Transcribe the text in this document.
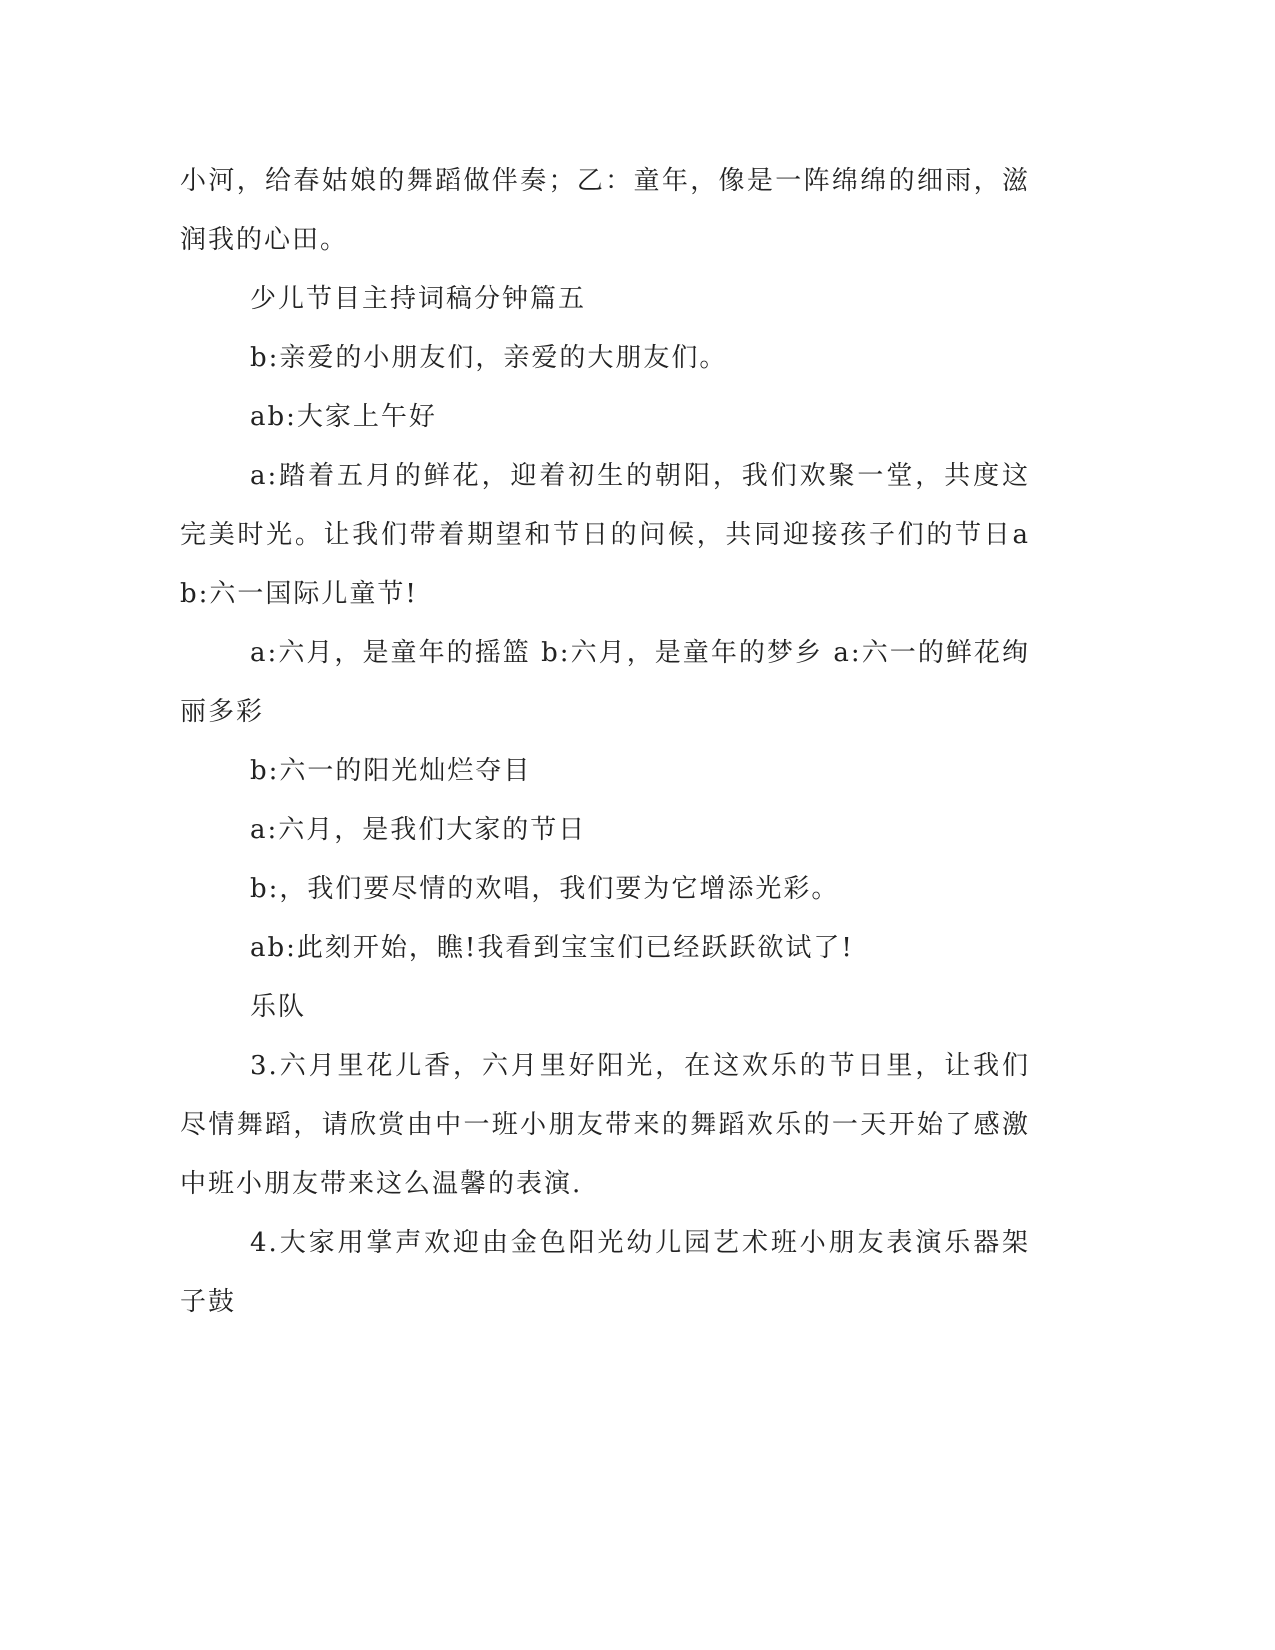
小河，给春姑娘的舞蹈做伴奏；乙：童年，像是一阵绵绵的细雨，滋润我的心田。

少儿节目主持词稿分钟篇五

b:亲爱的小朋友们，亲爱的大朋友们。

ab:大家上午好

a:踏着五月的鲜花，迎着初生的朝阳，我们欢聚一堂，共度这完美时光。让我们带着期望和节日的问候，共同迎接孩子们的节日ab:六一国际儿童节!

a:六月，是童年的摇篮 b:六月，是童年的梦乡 a:六一的鲜花绚丽多彩

b:六一的阳光灿烂夺目

a:六月，是我们大家的节日

b:，我们要尽情的欢唱，我们要为它增添光彩。

ab:此刻开始，瞧!我看到宝宝们已经跃跃欲试了!

乐队

3.六月里花儿香，六月里好阳光，在这欢乐的节日里，让我们尽情舞蹈，请欣赏由中一班小朋友带来的舞蹈欢乐的一天开始了感激中班小朋友带来这么温馨的表演.

4.大家用掌声欢迎由金色阳光幼儿园艺术班小朋友表演乐器架子鼓
